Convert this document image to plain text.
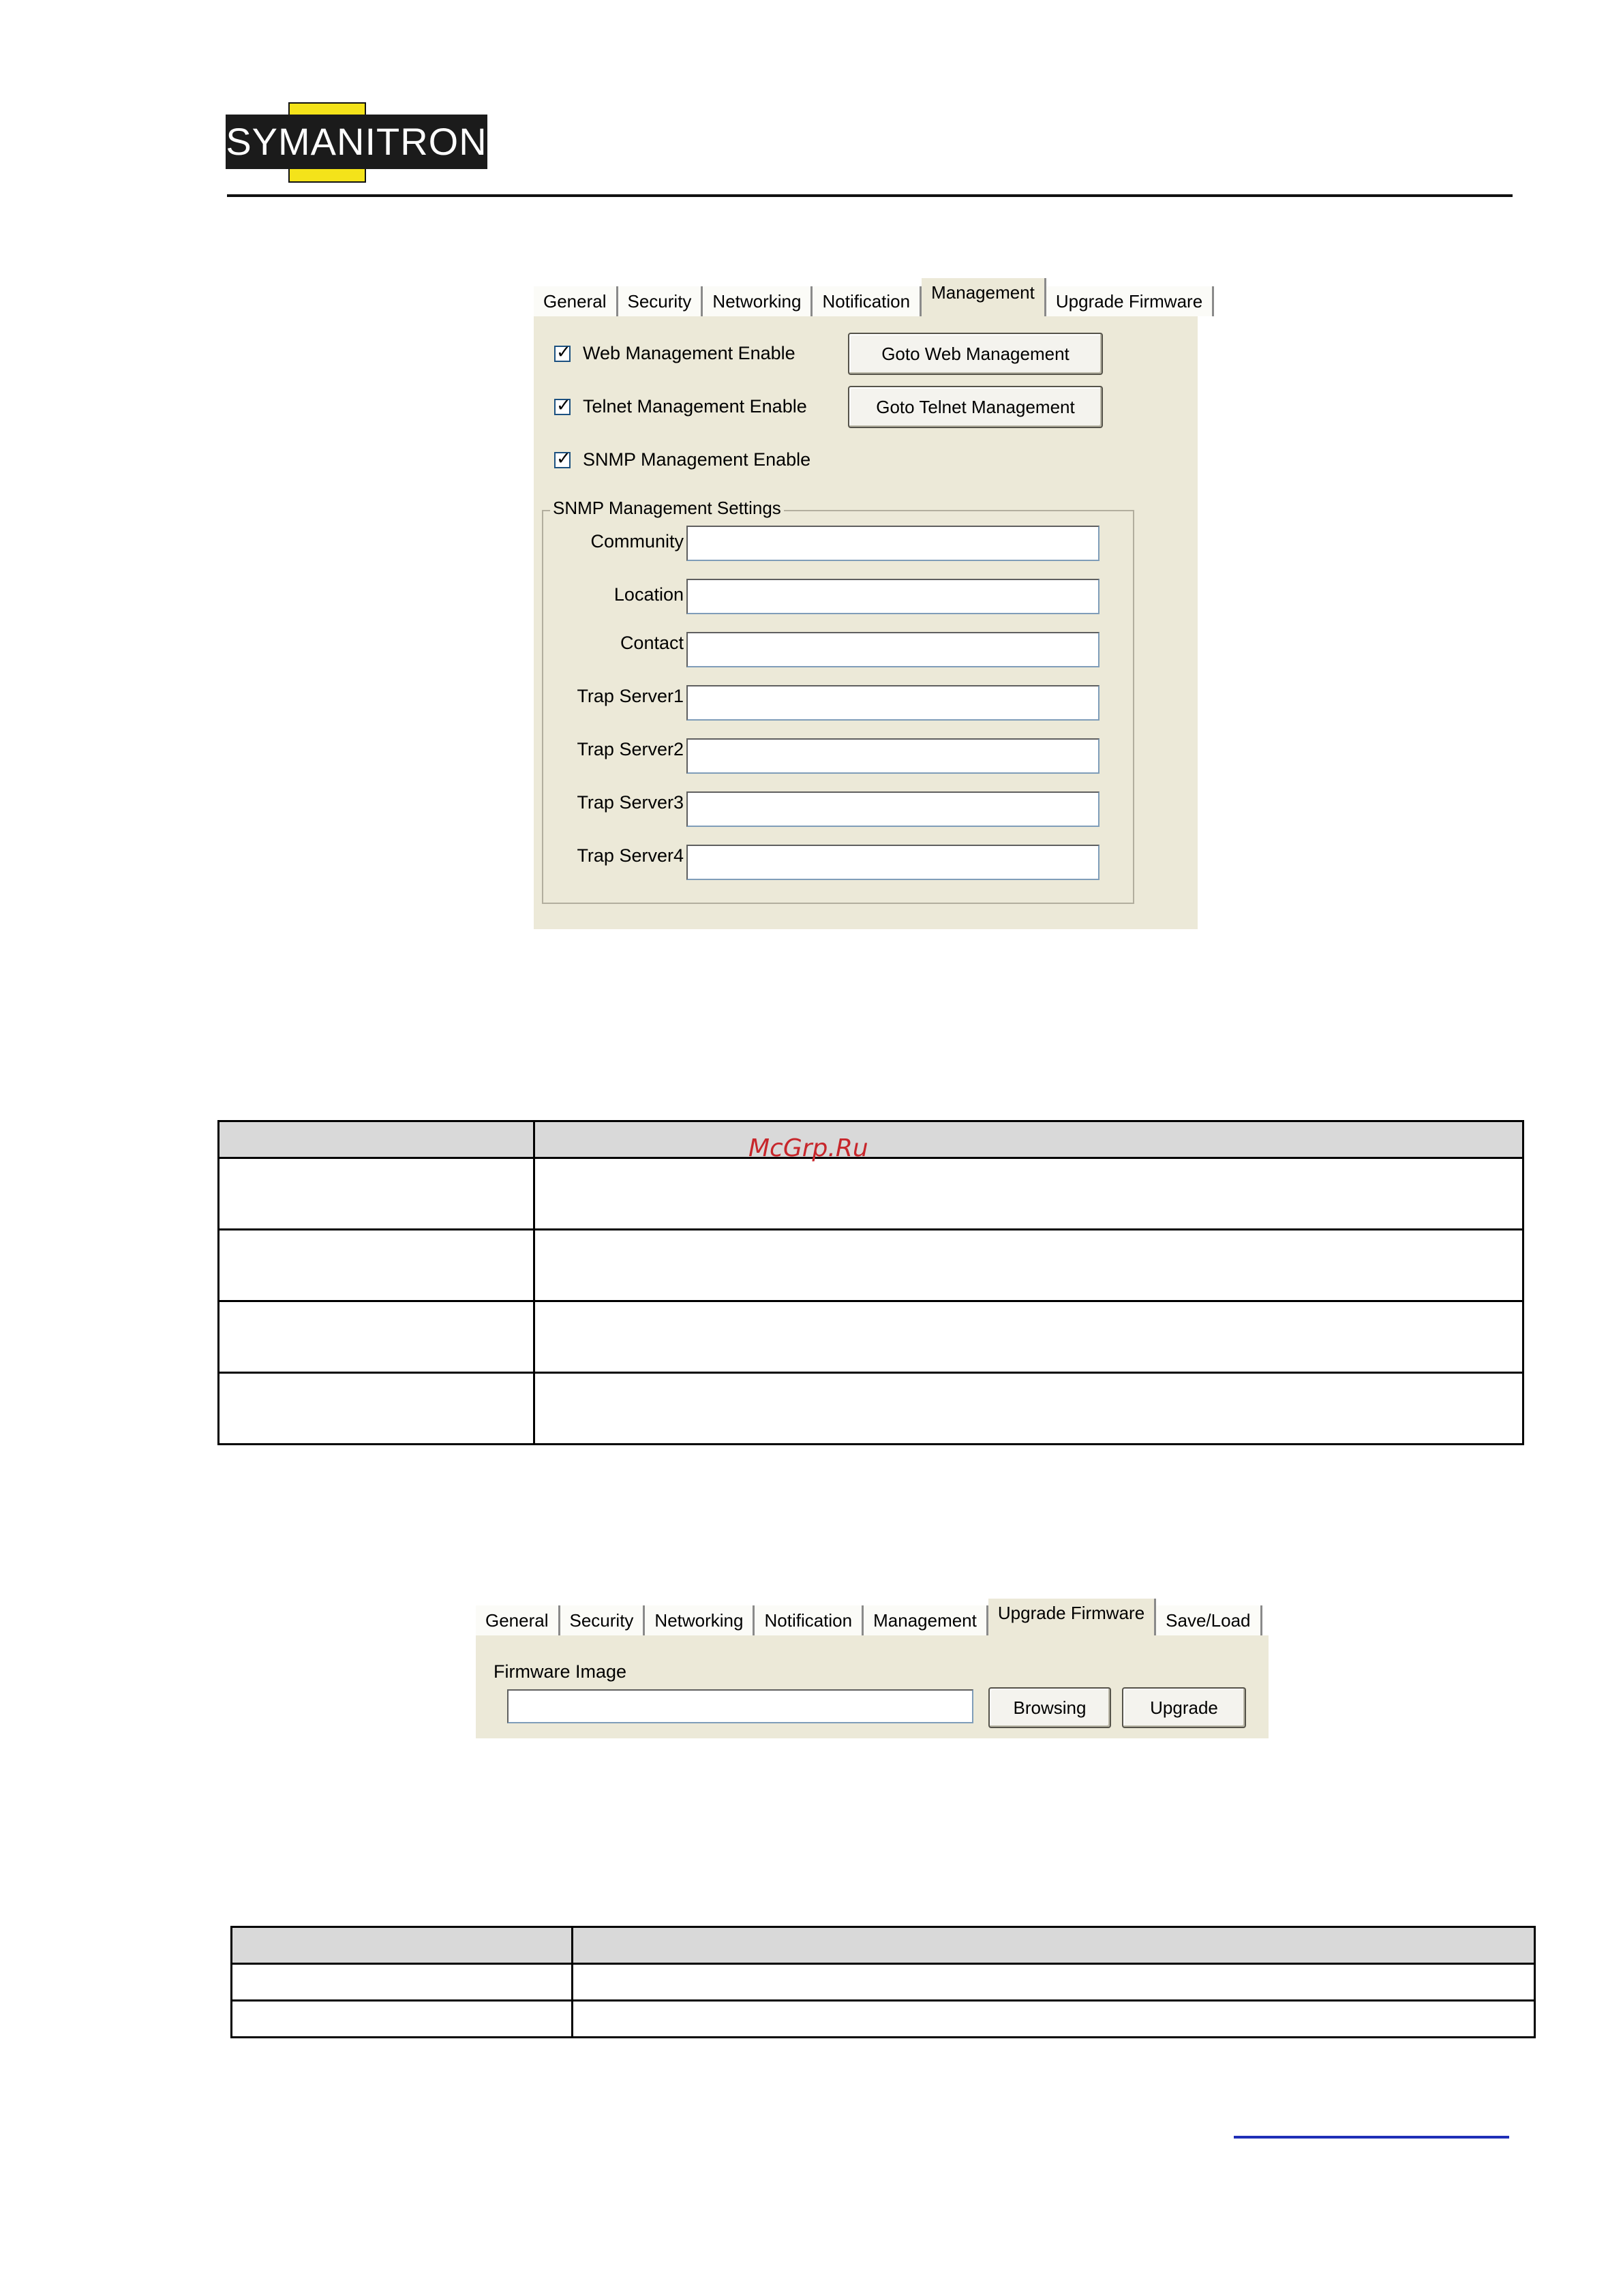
SYMANITRON
General	Security	Networking	Notification	Management	Upgrade Firmware
✓ Web Management Enable
✓ Telnet Management Enable
✓ SNMP Management Enable
Goto Web Management
Goto Telnet Management
SNMP Management Settings
Community
Location
Contact
Trap Server1
Trap Server2
Trap Server3
Trap Server4

McGrp.Ru
General	Security	Networking	Notification	Management	Upgrade Firmware	Save/Load
Firmware Image
Browsing	Upgrade
